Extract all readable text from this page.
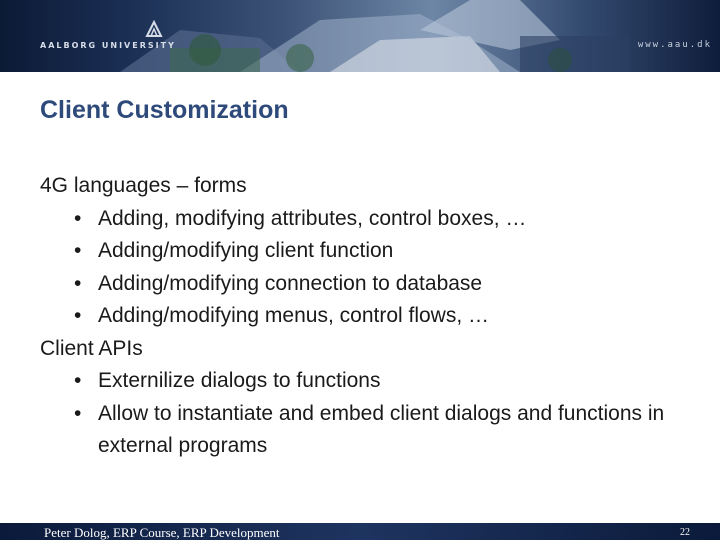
AALBORG UNIVERSITY	www.aau.dk
Client Customization

4G languages – forms

• Adding, modifying attributes, control boxes, …
• Adding/modifying client function
• Adding/modifying connection to database
• Adding/modifying menus, control flows, …

Client APIs

• Externilize dialogs to functions
• Allow to instantiate and embed client dialogs and functions in external programs
Peter Dolog, ERP Course, ERP Development	22
